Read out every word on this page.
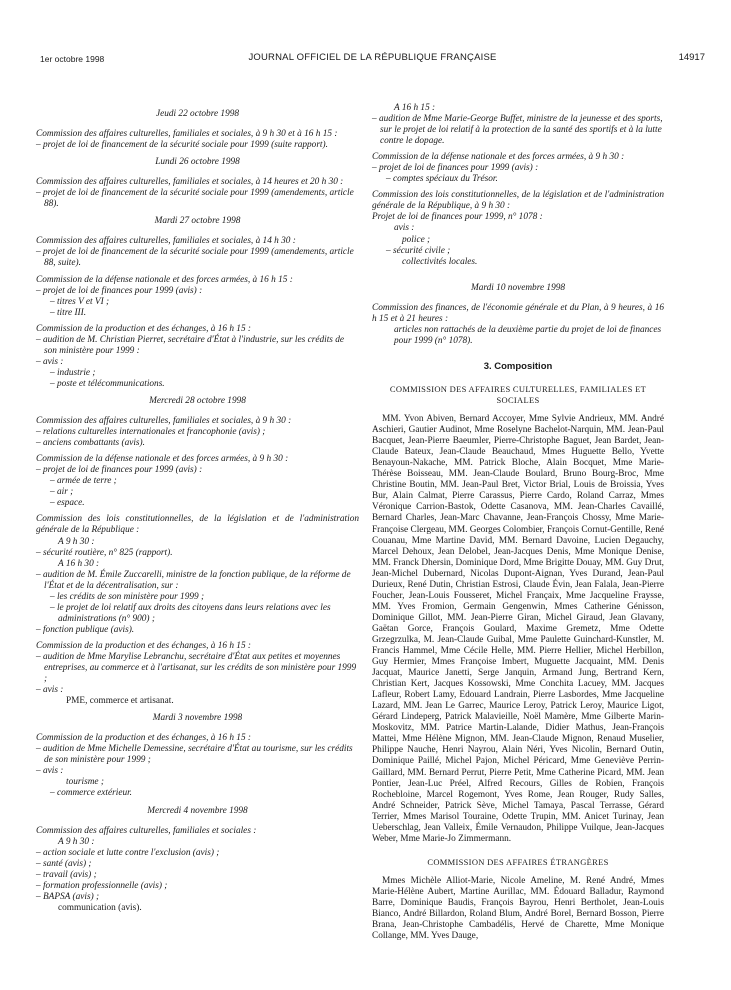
1er octobre 1998	JOURNAL OFFICIEL DE LA RÉPUBLIQUE FRANÇAISE	14917
Jeudi 22 octobre 1998
Commission des affaires culturelles, familiales et sociales, à 9 h 30 et à 16 h 15 :
– projet de loi de financement de la sécurité sociale pour 1999 (suite rapport).
Lundi 26 octobre 1998
Commission des affaires culturelles, familiales et sociales, à 14 heures et 20 h 30 :
– projet de loi de financement de la sécurité sociale pour 1999 (amendements, article 88).
Mardi 27 octobre 1998
Commission des affaires culturelles, familiales et sociales, à 14 h 30 :
– projet de loi de financement de la sécurité sociale pour 1999 (amendements, article 88, suite).
Commission de la défense nationale et des forces armées, à 16 h 15 :
– projet de loi de finances pour 1999 (avis) :
– titres V et VI ;
– titre III.
Commission de la production et des échanges, à 16 h 15 :
– audition de M. Christian Pierret, secrétaire d'État à l'industrie, sur les crédits de son ministère pour 1999 :
– avis :
– industrie ;
– poste et télécommunications.
Mercredi 28 octobre 1998
Commission des affaires culturelles, familiales et sociales, à 9 h 30 :
– relations culturelles internationales et francophonie (avis) ;
– anciens combattants (avis).
Commission de la défense nationale et des forces armées, à 9 h 30 :
– projet de loi de finances pour 1999 (avis) :
– armée de terre ;
– air ;
– espace.
Commission des lois constitutionnelles, de la législation et de l'administration générale de la République :
A 9 h 30 :
– sécurité routière, n° 825 (rapport).
A 16 h 30 :
– audition de M. Émile Zuccarelli, ministre de la fonction publique, de la réforme de l'État et de la décentralisation, sur :
– les crédits de son ministère pour 1999 ;
– le projet de loi relatif aux droits des citoyens dans leurs relations avec les administrations (n° 900) ;
– fonction publique (avis).
Commission de la production et des échanges, à 16 h 15 :
– audition de Mme Marylise Lebranchu, secrétaire d'État aux petites et moyennes entreprises, au commerce et à l'artisanat, sur les crédits de son ministère pour 1999 ;
– avis :
PME, commerce et artisanat.
Mardi 3 novembre 1998
Commission de la production et des échanges, à 16 h 15 :
– audition de Mme Michelle Demessine, secrétaire d'État au tourisme, sur les crédits de son ministère pour 1999 ;
– avis :
tourisme ;
– commerce extérieur.
Mercredi 4 novembre 1998
Commission des affaires culturelles, familiales et sociales :
A 9 h 30 :
– action sociale et lutte contre l'exclusion (avis) ;
– santé (avis) ;
– travail (avis) ;
– formation professionnelle (avis) ;
– BAPSA (avis) ;
communication (avis).
A 16 h 15 :
– audition de Mme Marie-George Buffet, ministre de la jeunesse et des sports, sur le projet de loi relatif à la protection de la santé des sportifs et à la lutte contre le dopage.
Commission de la défense nationale et des forces armées, à 9 h 30 :
– projet de loi de finances pour 1999 (avis) :
– comptes spéciaux du Trésor.
Commission des lois constitutionnelles, de la législation et de l'administration générale de la République, à 9 h 30 :
Projet de loi de finances pour 1999, n° 1078 :
avis :
police ;
– sécurité civile ;
collectivités locales.
Mardi 10 novembre 1998
Commission des finances, de l'économie générale et du Plan, à 9 heures, à 16 h 15 et à 21 heures :
articles non rattachés de la deuxième partie du projet de loi de finances pour 1999 (n° 1078).
3. Composition
COMMISSION DES AFFAIRES CULTURELLES, FAMILIALES ET SOCIALES
MM. Yvon Abiven, Bernard Accoyer, Mme Sylvie Andrieux, MM. André Aschieri, Gautier Audinot, Mme Roselyne Bachelot-Narquin, MM. Jean-Paul Bacquet, Jean-Pierre Baeumler, Pierre-Christophe Baguet, Jean Bardet, Jean-Claude Bateux, Jean-Claude Beauchaud, Mmes Huguette Bello, Yvette Benayoun-Nakache, MM. Patrick Bloche, Alain Bocquet, Mme Marie-Thérèse Boisseau, MM. Jean-Claude Boulard, Bruno Bourg-Broc, Mme Christine Boutin, MM. Jean-Paul Bret, Victor Brial, Louis de Broissia, Yves Bur, Alain Calmat, Pierre Carassus, Pierre Cardo, Roland Carraz, Mmes Véronique Carrion-Bastok, Odette Casanova, MM. Jean-Charles Cavaillé, Bernard Charles, Jean-Marc Chavanne, Jean-François Chossy, Mme Marie-Françoise Clergeau, MM. Georges Colombier, François Cornut-Gentille, René Couanau, Mme Martine David, MM. Bernard Davoine, Lucien Degauchy, Marcel Dehoux, Jean Delobel, Jean-Jacques Denis, Mme Monique Denise, MM. Franck Dhersin, Dominique Dord, Mme Brigitte Douay, MM. Guy Drut, Jean-Michel Dubernard, Nicolas Dupont-Aignan, Yves Durand, Jean-Paul Durieux, René Dutin, Christian Estrosi, Claude Évin, Jean Falala, Jean-Pierre Foucher, Jean-Louis Fousseret, Michel Françaix, Mme Jacqueline Fraysse, MM. Yves Fromion, Germain Gengenwin, Mmes Catherine Génisson, Dominique Gillot, MM. Jean-Pierre Giran, Michel Giraud, Jean Glavany, Gaëtan Gorce, François Goulard, Maxime Gremetz, Mme Odette Grzegrzulka, M. Jean-Claude Guibal, Mme Paulette Guinchard-Kunstler, M. Francis Hammel, Mme Cécile Helle, MM. Pierre Hellier, Michel Herbillon, Guy Hermier, Mmes Françoise Imbert, Muguette Jacquaint, MM. Denis Jacquat, Maurice Janetti, Serge Janquin, Armand Jung, Bertrand Kern, Christian Kert, Jacques Kossowski, Mme Conchita Lacuey, MM. Jacques Lafleur, Robert Lamy, Edouard Landrain, Pierre Lasbordes, Mme Jacqueline Lazard, MM. Jean Le Garrec, Maurice Leroy, Patrick Leroy, Maurice Ligot, Gérard Lindeperg, Patrick Malavieille, Noël Mamère, Mme Gilberte Marin-Moskovitz, MM. Patrice Martin-Lalande, Didier Mathus, Jean-François Mattei, Mme Hélène Mignon, MM. Jean-Claude Mignon, Renaud Muselier, Philippe Nauche, Henri Nayrou, Alain Néri, Yves Nicolin, Bernard Outin, Dominique Paillé, Michel Pajon, Michel Péricard, Mme Geneviève Perrin-Gaillard, MM. Bernard Perrut, Pierre Petit, Mme Catherine Picard, MM. Jean Pontier, Jean-Luc Préel, Alfred Recours, Gilles de Robien, François Rochebloine, Marcel Rogemont, Yves Rome, Jean Rouger, Rudy Salles, André Schneider, Patrick Sève, Michel Tamaya, Pascal Terrasse, Gérard Terrier, Mmes Marisol Touraine, Odette Trupin, MM. Anicet Turinay, Jean Ueberschlag, Jean Valleix, Émile Vernaudon, Philippe Vuilque, Jean-Jacques Weber, Mme Marie-Jo Zimmermann.
COMMISSION DES AFFAIRES ÉTRANGÈRES
Mmes Michèle Alliot-Marie, Nicole Ameline, M. René André, Mmes Marie-Hélène Aubert, Martine Aurillac, MM. Édouard Balladur, Raymond Barre, Dominique Baudis, François Bayrou, Henri Bertholet, Jean-Louis Bianco, André Billardon, Roland Blum, André Borel, Bernard Bosson, Pierre Brana, Jean-Christophe Cambadélis, Hervé de Charette, Mme Monique Collange, MM. Yves Dauge,
